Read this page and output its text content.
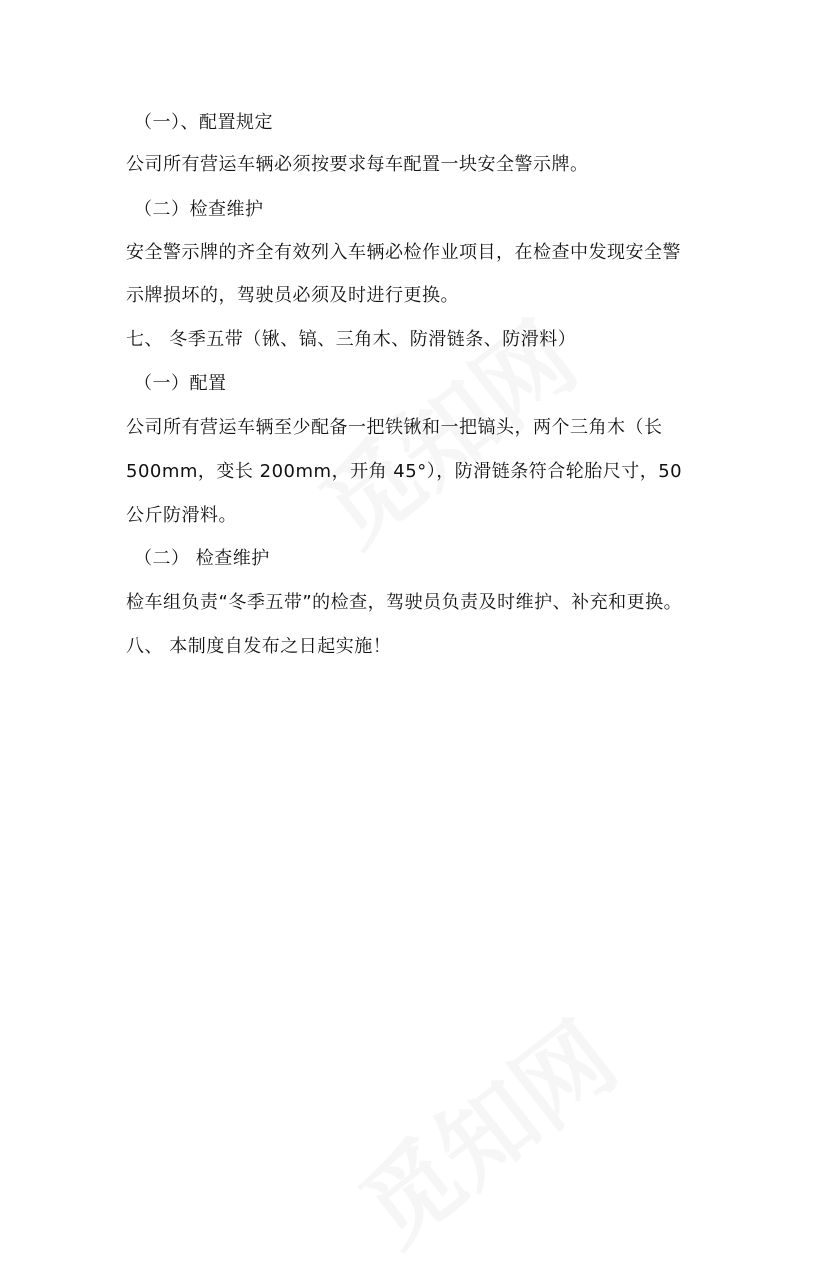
（一）、配置规定
公司所有营运车辆必须按要求每车配置一块安全警示牌。
（二）检查维护
安全警示牌的齐全有效列入车辆必检作业项目，在检查中发现安全警
示牌损坏的，驾驶员必须及时进行更换。
七、 冬季五带（锹、镐、三角木、防滑链条、防滑料）
（一）配置
公司所有营运车辆至少配备一把铁锹和一把镐头，两个三角木（长
500mm，变长 200mm，开角 45°），防滑链条符合轮胎尺寸，50
公斤防滑料。
（二） 检查维护
检车组负责“冬季五带”的检查，驾驶员负责及时维护、补充和更换。
八、 本制度自发布之日起实施！
